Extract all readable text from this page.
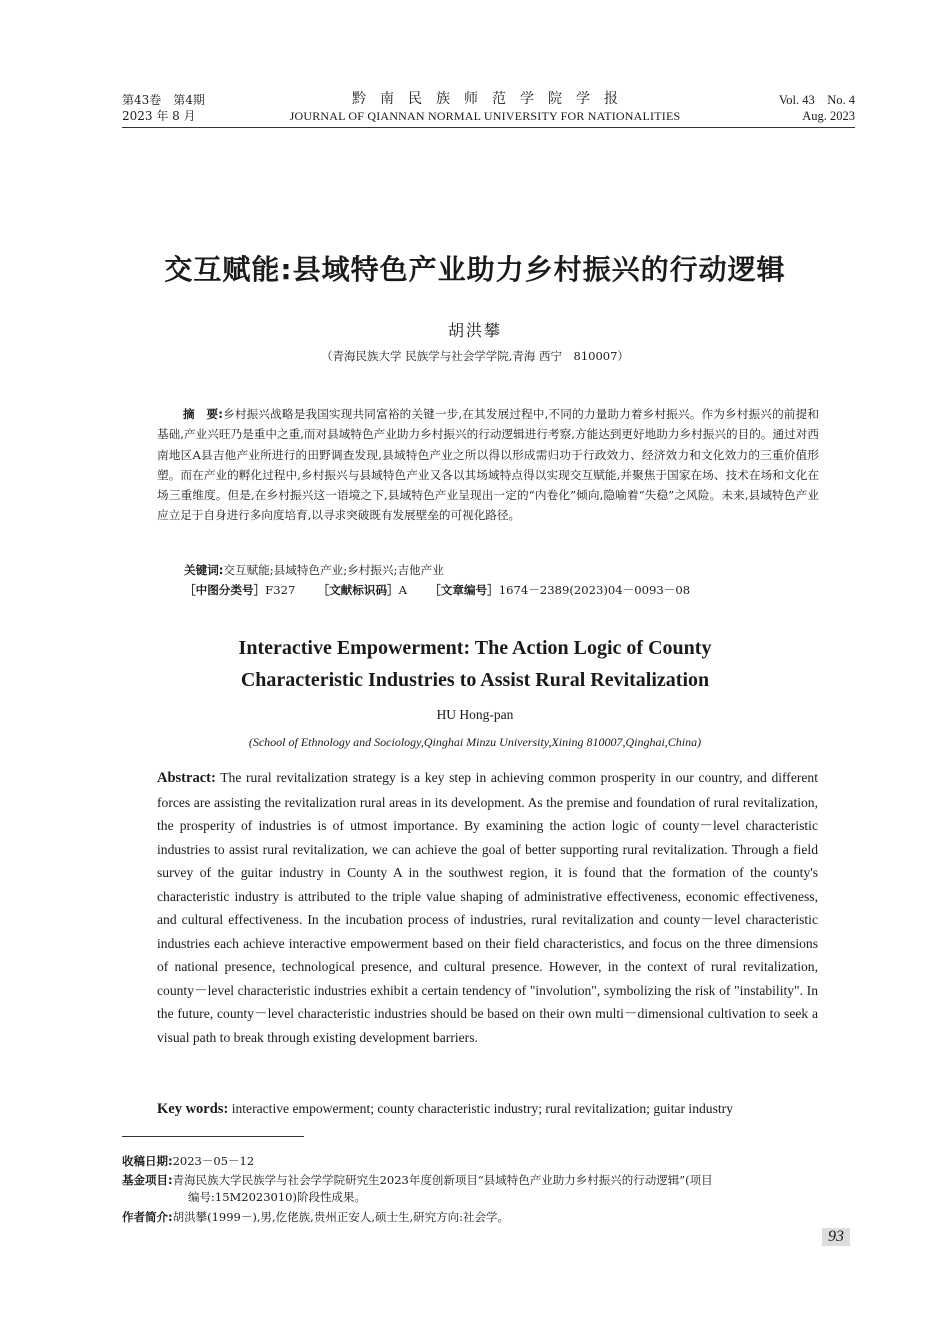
第43卷　第4期
2023 年 8 月
黔南民族师范学院学报
JOURNAL OF QIANNAN NORMAL UNIVERSITY FOR NATIONALITIES
Vol. 43　No. 4
Aug. 2023
交互赋能:县域特色产业助力乡村振兴的行动逻辑
胡洪攀
（青海民族大学 民族学与社会学学院,青海 西宁　810007）
摘　要:乡村振兴战略是我国实现共同富裕的关键一步,在其发展过程中,不同的力量助力着乡村振兴。作为乡村振兴的前提和基础,产业兴旺乃是重中之重,而对县域特色产业助力乡村振兴的行动逻辑进行考察,方能达到更好地助力乡村振兴的目的。通过对西南地区A县吉他产业所进行的田野调查发现,县域特色产业之所以得以形成需归功于行政效力、经济效力和文化效力的三重价值形塑。而在产业的孵化过程中,乡村振兴与县域特色产业又各以其场域特点得以实现交互赋能,并聚焦于国家在场、技术在场和文化在场三重维度。但是,在乡村振兴这一语境之下,县域特色产业呈现出一定的“内卷化”倾向,隐喻着“失稳”之风险。未来,县域特色产业应立足于自身进行多向度培育,以寻求突破既有发展壁垒的可视化路径。
关键词:交互赋能;县域特色产业;乡村振兴;吉他产业
［中图分类号］F327 ［文献标识码］A ［文章编号］1674－2389(2023)04－0093－08
Interactive Empowerment: The Action Logic of County
Characteristic Industries to Assist Rural Revitalization
HU Hong-pan
(School of Ethnology and Sociology,Qinghai Minzu University,Xining 810007,Qinghai,China)
Abstract: The rural revitalization strategy is a key step in achieving common prosperity in our country, and different forces are assisting the revitalization rural areas in its development. As the premise and foundation of rural revitalization, the prosperity of industries is of utmost importance. By examining the action logic of county－level characteristic industries to assist rural revitalization, we can achieve the goal of better supporting rural revitalization. Through a field survey of the guitar industry in County A in the southwest region, it is found that the formation of the county's characteristic industry is attributed to the triple value shaping of administrative effectiveness, economic effectiveness, and cultural effectiveness. In the incubation process of industries, rural revitalization and county－level characteristic industries each achieve interactive empowerment based on their field characteristics, and focus on the three dimensions of national presence, technological presence, and cultural presence. However, in the context of rural revitalization, county－level characteristic industries exhibit a certain tendency of "involution", symbolizing the risk of "instability". In the future, county－level characteristic industries should be based on their own multi－dimensional cultivation to seek a visual path to break through existing development barriers.
Key words: interactive empowerment; county characteristic industry; rural revitalization; guitar industry
收稿日期:2023－05－12
基金项目:青海民族大学民族学与社会学学院研究生2023年度创新项目“县域特色产业助力乡村振兴的行动逻辑”(项目
编号:15M2023010)阶段性成果。
作者简介:胡洪攀(1999－),男,仡佬族,贵州正安人,硕士生,研究方向:社会学。
93
